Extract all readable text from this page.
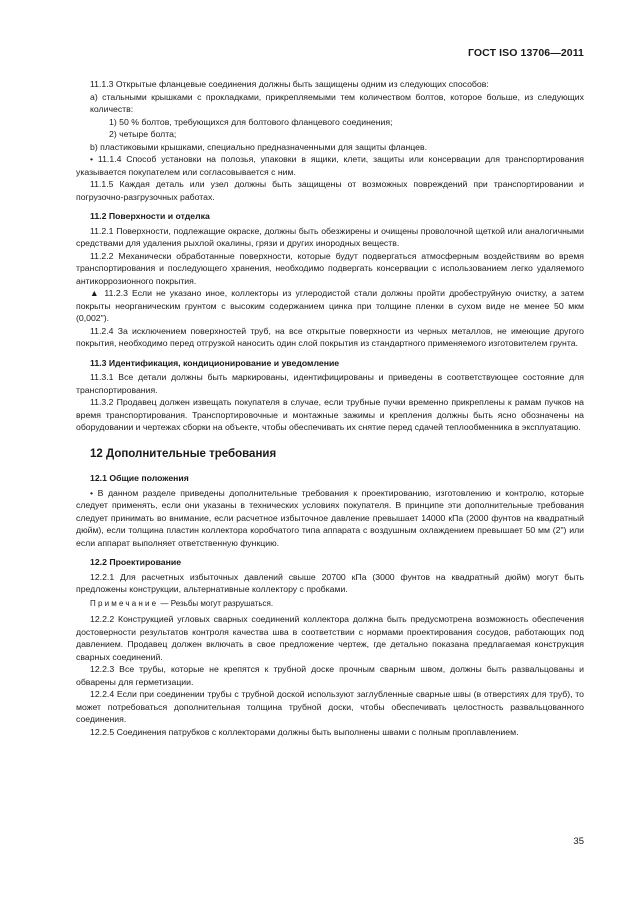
ГОСТ ISO 13706—2011

11.1.3 Открытые фланцевые соединения должны быть защищены одним из следующих способов:

а) стальными крышками с прокладками, прикрепляемыми тем количеством болтов, которое больше, из следующих количеств:

1) 50 % болтов, требующихся для болтового фланцевого соединения;

2) четыре болта;

b) пластиковыми крышками, специально предназначенными для защиты фланцев.

• 11.1.4 Способ установки на полозья, упаковки в ящики, клети, защиты или консервации для транспортирования указывается покупателем или согласовывается с ним.

11.1.5 Каждая деталь или узел должны быть защищены от возможных повреждений при транспортировании и погрузочно-разгрузочных работах.

11.2 Поверхности и отделка

11.2.1 Поверхности, подлежащие окраске, должны быть обезжирены и очищены проволочной щеткой или аналогичными средствами для удаления рыхлой окалины, грязи и других инородных веществ.

11.2.2 Механически обработанные поверхности, которые будут подвергаться атмосферным воздействиям во время транспортирования и последующего хранения, необходимо подвергать консервации с использованием легко удаляемого антикоррозионного покрытия.

▲ 11.2.3 Если не указано иное, коллекторы из углеродистой стали должны пройти дробеструйную очистку, а затем покрыты неорганическим грунтом с высоким содержанием цинка при толщине пленки в сухом виде не менее 50 мкм (0,002").

11.2.4 За исключением поверхностей труб, на все открытые поверхности из черных металлов, не имеющие другого покрытия, необходимо перед отгрузкой наносить один слой покрытия из стандартного применяемого изготовителем грунта.

11.3 Идентификация, кондиционирование и уведомление

11.3.1 Все детали должны быть маркированы, идентифицированы и приведены в соответствующее состояние для транспортирования.

11.3.2 Продавец должен извещать покупателя в случае, если трубные пучки временно прикреплены к рамам пучков на время транспортирования. Транспортировочные и монтажные зажимы и крепления должны быть ясно обозначены на оборудовании и чертежах сборки на объекте, чтобы обеспечивать их снятие перед сдачей теплообменника в эксплуатацию.

12 Дополнительные требования

12.1 Общие положения

• В данном разделе приведены дополнительные требования к проектированию, изготовлению и контролю, которые следует применять, если они указаны в технических условиях покупателя. В принципе эти дополнительные требования следует принимать во внимание, если расчетное избыточное давление превышает 14000 кПа (2000 фунтов на квадратный дюйм), если толщина пластин коллектора коробчатого типа аппарата с воздушным охлаждением превышает 50 мм (2") или если аппарат выполняет ответственную функцию.

12.2 Проектирование

12.2.1 Для расчетных избыточных давлений свыше 20700 кПа (3000 фунтов на квадратный дюйм) могут быть предложены конструкции, альтернативные коллектору с пробками.

Примечание — Резьбы могут разрушаться.

12.2.2 Конструкцией угловых сварных соединений коллектора должна быть предусмотрена возможность обеспечения достоверности результатов контроля качества шва в соответствии с нормами проектирования сосудов, работающих под давлением. Продавец должен включать в свое предложение чертеж, где детально показана предлагаемая конструкция сварных соединений.

12.2.3 Все трубы, которые не крепятся к трубной доске прочным сварным швом, должны быть развальцованы и обварены для герметизации.

12.2.4 Если при соединении трубы с трубной доской используют заглубленные сварные швы (в отверстиях для труб), то может потребоваться дополнительная толщина трубной доски, чтобы обеспечивать целостность развальцованного соединения.

12.2.5 Соединения патрубков с коллекторами должны быть выполнены швами с полным проплавлением.

35
